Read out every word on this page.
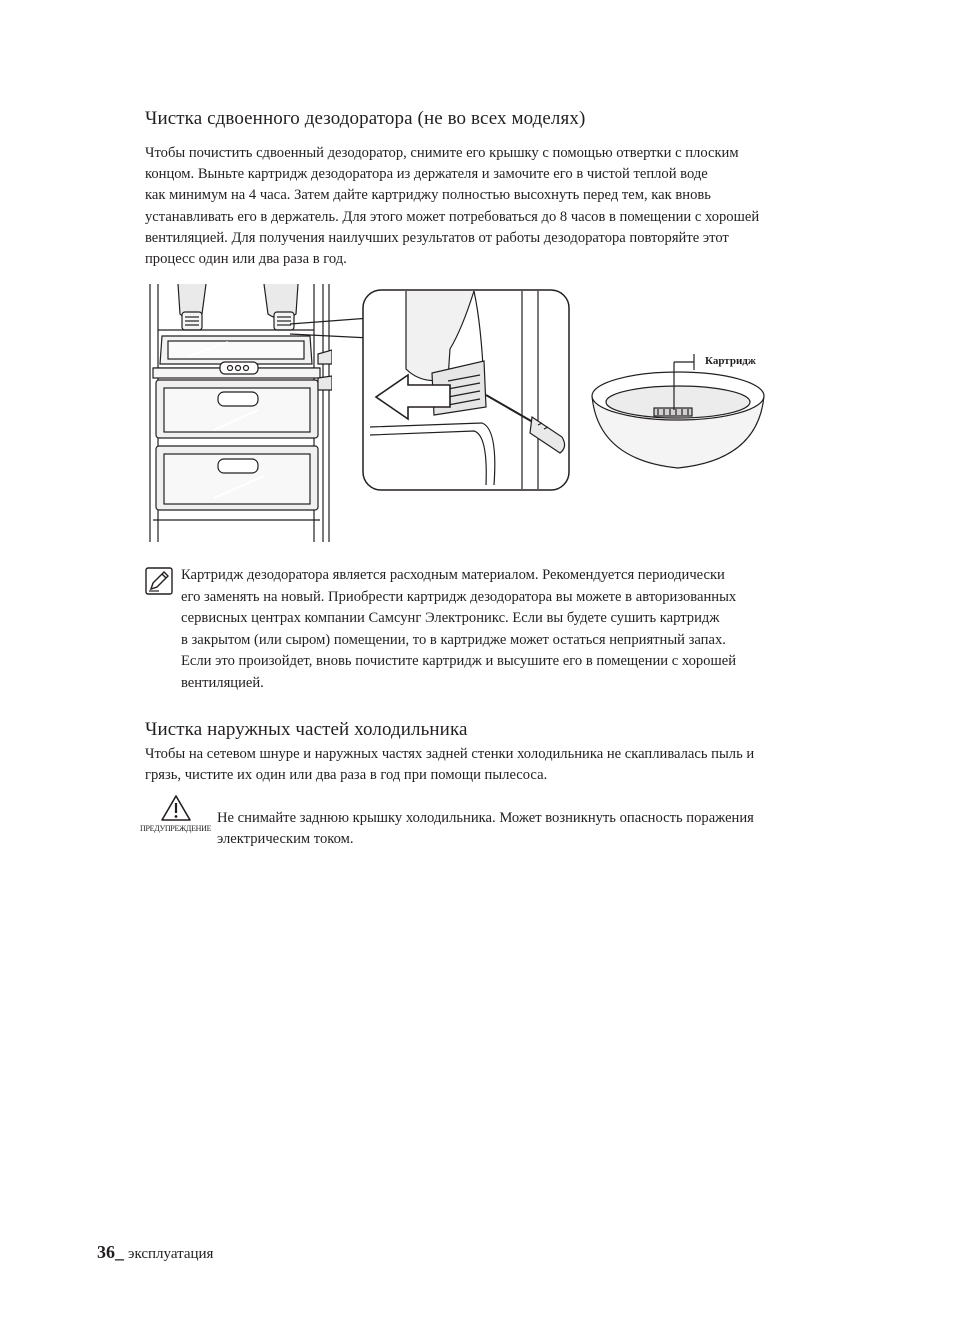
Чистка сдвоенного дезодоратора (не во всех моделях)
Чтобы почистить сдвоенный дезодоратор, снимите его крышку с помощью отвертки с плоским
концом. Выньте картридж дезодоратора из держателя и замочите его в чистой теплой воде
как минимум на 4 часа. Затем дайте картриджу полностью высохнуть перед тем, как вновь
устанавливать его в держатель. Для этого может потребоваться до 8 часов в помещении с хорошей
вентиляцией. Для получения наилучших результатов от работы дезодоратора повторяйте этот
процесс один или два раза в год.
Картридж
Картридж дезодоратора является расходным материалом. Рекомендуется периодически
его заменять на новый. Приобрести картридж дезодоратора вы можете в авторизованных
сервисных центрах компании Самсунг Электроникс. Если вы будете сушить картридж
в закрытом (или сыром) помещении, то в картридже может остаться неприятный запах.
Если это произойдет, вновь почистите картридж и высушите его в помещении с хорошей
вентиляцией.
Чистка наружных частей холодильника
Чтобы на сетевом шнуре и наружных частях задней стенки холодильника не скапливалась пыль и
грязь, чистите их один или два раза в год при помощи пылесоса.
ПРЕДУПРЕЖДЕНИЕ
Не снимайте заднюю крышку холодильника. Может возникнуть опасность поражения
электрическим током.
36_ эксплуатация
